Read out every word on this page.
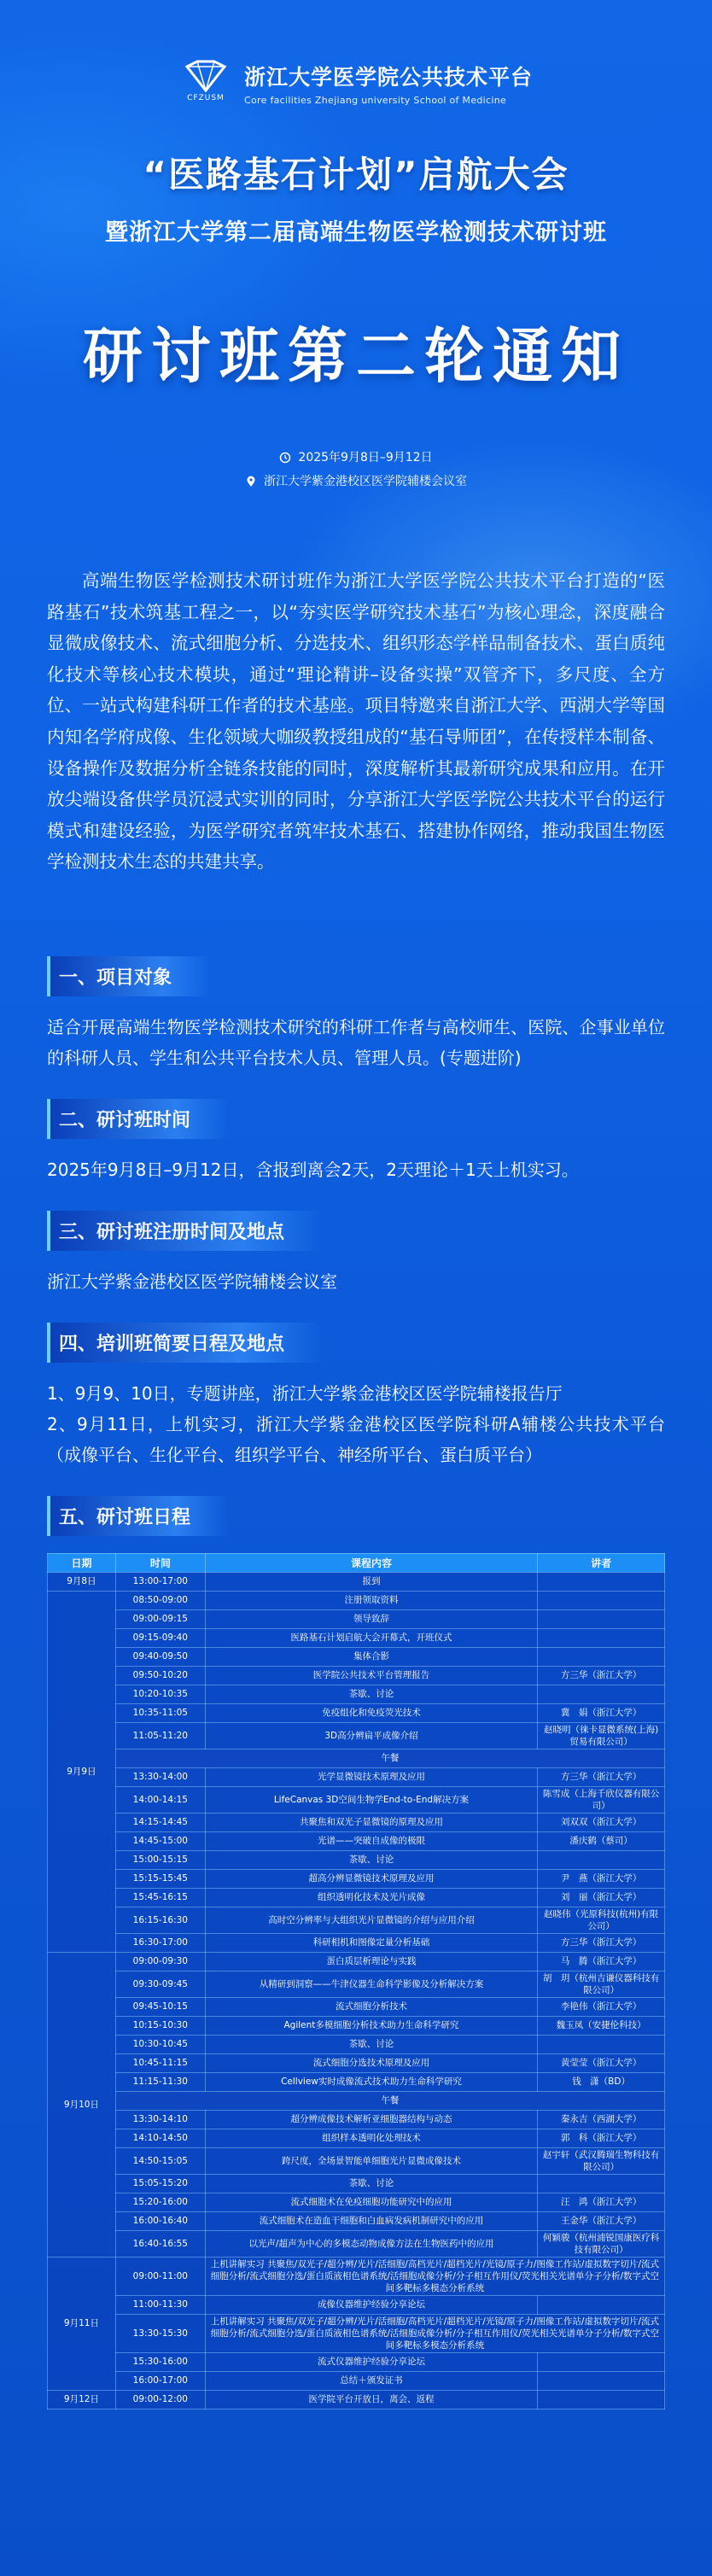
CFZUSM
浙江大学医学院公共技术平台
Core facilities Zhejiang university School of Medicine
“医路基石计划”启航大会
暨浙江大学第二届高端生物医学检测技术研讨班
研讨班第二轮通知
2025年9月8日–9月12日
浙江大学紫金港校区医学院辅楼会议室

高端生物医学检测技术研讨班作为浙江大学医学院公共技术平台打造的“医路基石”技术筑基工程之一，以“夯实医学研究技术基石”为核心理念，深度融合显微成像技术、流式细胞分析、分选技术、组织形态学样品制备技术、蛋白质纯化技术等核心技术模块，通过“理论精讲–设备实操”双管齐下，多尺度、全方位、一站式构建科研工作者的技术基座。项目特邀来自浙江大学、西湖大学等国内知名学府成像、生化领域大咖级教授组成的“基石导师团”，在传授样本制备、设备操作及数据分析全链条技能的同时，深度解析其最新研究成果和应用。在开放尖端设备供学员沉浸式实训的同时，分享浙江大学医学院公共技术平台的运行模式和建设经验，为医学研究者筑牢技术基石、搭建协作网络，推动我国生物医学检测技术生态的共建共享。

一、项目对象
适合开展高端生物医学检测技术研究的科研工作者与高校师生、医院、企事业单位的科研人员、学生和公共平台技术人员、管理人员。(专题进阶)
二、研讨班时间
2025年9月8日–9月12日，含报到离会2天，2天理论＋1天上机实习。
三、研讨班注册时间及地点
浙江大学紫金港校区医学院辅楼会议室
四、培训班简要日程及地点
1、9月9、10日，专题讲座，浙江大学紫金港校区医学院辅楼报告厅
2、9月11日，上机实习，浙江大学紫金港校区医学院科研A辅楼公共技术平台（成像平台、生化平台、组织学平台、神经所平台、蛋白质平台）
五、研讨班日程
日期	时间	课程内容	讲者
9月8日	13:00-17:00	报到	
9月9日	08:50-09:00	注册领取资料	
	09:00-09:15	领导致辞	
	09:15-09:40	医路基石计划启航大会开幕式，开班仪式	
	09:40-09:50	集体合影	
	09:50-10:20	医学院公共技术平台管理报告	方三华（浙江大学）
	10:20-10:35	茶歇、讨论	
	10:35-11:05	免疫组化和免疫荧光技术	冀　娟（浙江大学）
	11:05-11:20	3D高分辨扁平成像介绍	赵晓明（徕卡显微系统(上海)贸易有限公司）
	午餐		
	13:30-14:00	光学显微镜技术原理及应用	方三华（浙江大学）
	14:00-14:15	LifeCanvas 3D空间生物学End-to-End解决方案	陈雪成（上海千欣仪器有限公司）
	14:15-14:45	共聚焦和双光子显微镜的原理及应用	刘双双（浙江大学）
	14:45-15:00	光谱——突破自成像的极限	潘庆鹤（蔡司）
	15:00-15:15	茶歇、讨论	
	15:15-15:45	超高分辨显微镜技术原理及应用	尹　燕（浙江大学）
	15:45-16:15	组织透明化技术及光片成像	刘　丽（浙江大学）
	16:15-16:30	高时空分辨率与大组织光片显微镜的介绍与应用介绍	赵晓伟（光原科技(杭州)有限公司）
	16:30-17:00	科研相机和图像定量分析基础	方三华（浙江大学）
9月10日	09:00-09:30	蛋白质层析理论与实践	马　腾（浙江大学）
	09:30-09:45	从精研到洞察——牛津仪器生命科学影像及分析解决方案	胡　玥（杭州吉谦仪器科技有限公司）
	09:45-10:15	流式细胞分析技术	李艳伟（浙江大学）
	10:15-10:30	Agilent多模细胞分析技术助力生命科学研究	魏玉凤（安捷伦科技）
	10:30-10:45	茶歇、讨论	
	10:45-11:15	流式细胞分选技术原理及应用	黄莹莹（浙江大学）
	11:15-11:30	Cellview实时成像流式技术助力生命科学研究	钱　潇（BD）
	午餐		
	13:30-14:10	超分辨成像技术解析亚细胞器结构与动态	秦永吉（西湖大学）
	14:10-14:50	组织样本透明化处理技术	郭　科（浙江大学）
	14:50-15:05	跨尺度，全场景智能单细胞光片显微成像技术	赵宇轩（武汉腾瑞生物科技有限公司）
	15:05-15:20	茶歇、讨论	
	15:20-16:00	流式细胞术在免疫细胞功能研究中的应用	汪　鸿（浙江大学）
	16:00-16:40	流式细胞术在造血干细胞和白血病发病机制研究中的应用	王金华（浙江大学）
	16:40-16:55	以光声/超声为中心的多模态动物成像方法在生物医药中的应用	何颖骏（杭州浦锐国康医疗科技有限公司）
9月11日	09:00-11:00	上机讲解实习 共聚焦/双光子/超分辨/光片/活细胞/高档光片/超档光片/光镜/原子力/图像工作站/虚拟数字切片/流式细胞分析/流式细胞分选/蛋白质液相色谱系统/活细胞成像分析/分子相互作用仪/荧光相关光谱单分子分析/数字式空间多靶标多模态分析系统	
	11:00-11:30	成像仪器维护经验分享论坛	
	13:30-15:30	上机讲解实习 共聚焦/双光子/超分辨/光片/活细胞/高档光片/超档光片/光镜/原子力/图像工作站/虚拟数字切片/流式细胞分析/流式细胞分选/蛋白质液相色谱系统/活细胞成像分析/分子相互作用仪/荧光相关光谱单分子分析/数字式空间多靶标多模态分析系统	
	15:30-16:00	流式仪器维护经验分享论坛	
	16:00-17:00	总结＋颁发证书	
9月12日	09:00-12:00	医学院平台开放日，离会、返程	
